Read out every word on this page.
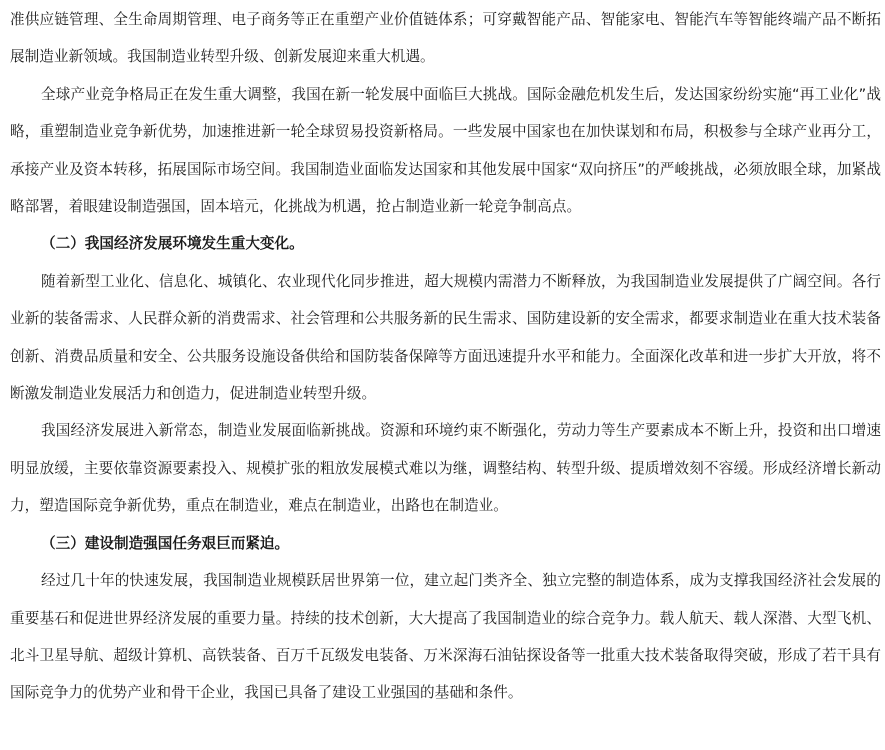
准供应链管理、全生命周期管理、电子商务等正在重塑产业价值链体系；可穿戴智能产品、智能家电、智能汽车等智能终端产品不断拓展制造业新领域。我国制造业转型升级、创新发展迎来重大机遇。

全球产业竞争格局正在发生重大调整，我国在新一轮发展中面临巨大挑战。国际金融危机发生后，发达国家纷纷实施“再工业化”战略，重塑制造业竞争新优势，加速推进新一轮全球贸易投资新格局。一些发展中国家也在加快谋划和布局，积极参与全球产业再分工，承接产业及资本转移，拓展国际市场空间。我国制造业面临发达国家和其他发展中国家“双向挤压”的严峻挑战，必须放眼全球，加紧战略部署，着眼建设制造强国，固本培元，化挑战为机遇，抢占制造业新一轮竞争制高点。

（二）我国经济发展环境发生重大变化。

随着新型工业化、信息化、城镇化、农业现代化同步推进，超大规模内需潜力不断释放，为我国制造业发展提供了广阔空间。各行业新的装备需求、人民群众新的消费需求、社会管理和公共服务新的民生需求、国防建设新的安全需求，都要求制造业在重大技术装备创新、消费品质量和安全、公共服务设施设备供给和国防装备保障等方面迅速提升水平和能力。全面深化改革和进一步扩大开放，将不断激发制造业发展活力和创造力，促进制造业转型升级。

我国经济发展进入新常态，制造业发展面临新挑战。资源和环境约束不断强化，劳动力等生产要素成本不断上升，投资和出口增速明显放缓，主要依靠资源要素投入、规模扩张的粗放发展模式难以为继，调整结构、转型升级、提质增效刻不容缓。形成经济增长新动力，塑造国际竞争新优势，重点在制造业，难点在制造业，出路也在制造业。

（三）建设制造强国任务艰巨而紧迫。

经过几十年的快速发展，我国制造业规模跃居世界第一位，建立起门类齐全、独立完整的制造体系，成为支撑我国经济社会发展的重要基石和促进世界经济发展的重要力量。持续的技术创新，大大提高了我国制造业的综合竞争力。载人航天、载人深潜、大型飞机、北斗卫星导航、超级计算机、高铁装备、百万千瓦级发电装备、万米深海石油钻探设备等一批重大技术装备取得突破，形成了若干具有国际竞争力的优势产业和骨干企业，我国已具备了建设工业强国的基础和条件。
